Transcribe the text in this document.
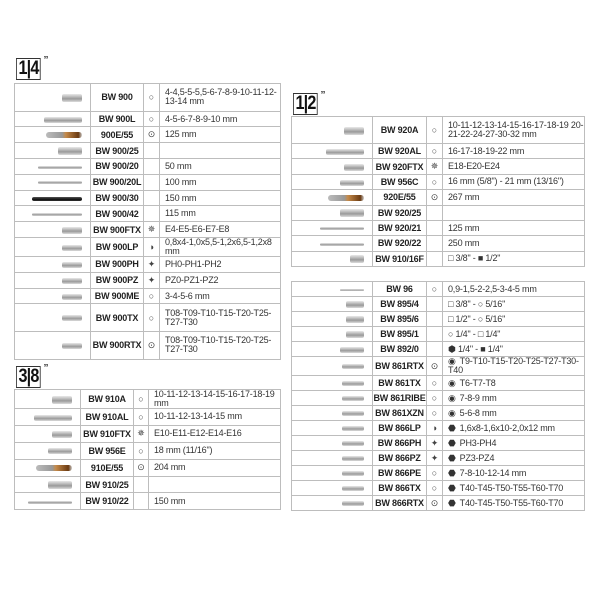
1|4 ”
	BW 900	○	4-4,5-5-5,5-6-7-8-9-10-11-12-13-14 mm
	BW 900L	○	4-5-6-7-8-9-10 mm
	900E/55	⊙	125 mm
	BW 900/25		
	BW 900/20		50 mm
	BW 900/20L		100 mm
	BW 900/30		150 mm
	BW 900/42		115 mm
	BW 900FTX	✵	E4-E5-E6-E7-E8
	BW 900LP	◑	0,8x4-1,0x5,5-1,2x6,5-1,2x8 mm
	BW 900PH	✦	PH0-PH1-PH2
	BW 900PZ	✦	PZ0-PZ1-PZ2
	BW 900ME	○	3-4-5-6 mm
	BW 900TX	○	T08-T09-T10-T15-T20-T25-T27-T30
	BW 900RTX	⊙	T08-T09-T10-T15-T20-T25-T27-T30
3|8 ”
	BW 910A	○	10-11-12-13-14-15-16-17-18-19 mm
	BW 910AL	○	10-11-12-13-14-15 mm
	BW 910FTX	✵	E10-E11-E12-E14-E16
	BW 956E	○	18 mm (11/16")
	910E/55	⊙	204 mm
	BW 910/25		
	BW 910/22		150 mm
1|2 ”
	BW 920A	○	10-11-12-13-14-15-16-17-18-19 20-21-22-24-27-30-32 mm
	BW 920AL	○	16-17-18-19-22 mm
	BW 920FTX	✵	E18-E20-E24
	BW 956C	○	16 mm (5/8") - 21 mm (13/16")
	920E/55	⊙	267 mm
	BW 920/25		
	BW 920/21		125 mm
	BW 920/22		250 mm
	BW 910/16F		□ 3/8" - ■ 1/2"
	BW 96	○	0,9-1,5-2-2,5-3-4-5 mm
	BW 895/4		□ 3/8" - ○ 5/16"
	BW 895/6		□ 1/2" - ○ 5/16"
	BW 895/1		○ 1/4" - □ 1/4"
	BW 892/0		⬢ 1/4" - ■ 1/4"
	BW 861RTX	⊙	◉ T9-T10-T15-T20-T25-T27-T30-T40
	BW 861TX	○	◉ T6-T7-T8
	BW 861RIBE	○	◉ 7-8-9 mm
	BW 861XZN	○	◉ 5-6-8 mm
	BW 866LP	◑	⬣ 1,6x8-1,6x10-2,0x12 mm
	BW 866PH	✦	⬣ PH3-PH4
	BW 866PZ	✦	⬣ PZ3-PZ4
	BW 866PE	○	⬣ 7-8-10-12-14 mm
	BW 866TX	○	⬣ T40-T45-T50-T55-T60-T70
	BW 866RTX	⊙	⬣ T40-T45-T50-T55-T60-T70
